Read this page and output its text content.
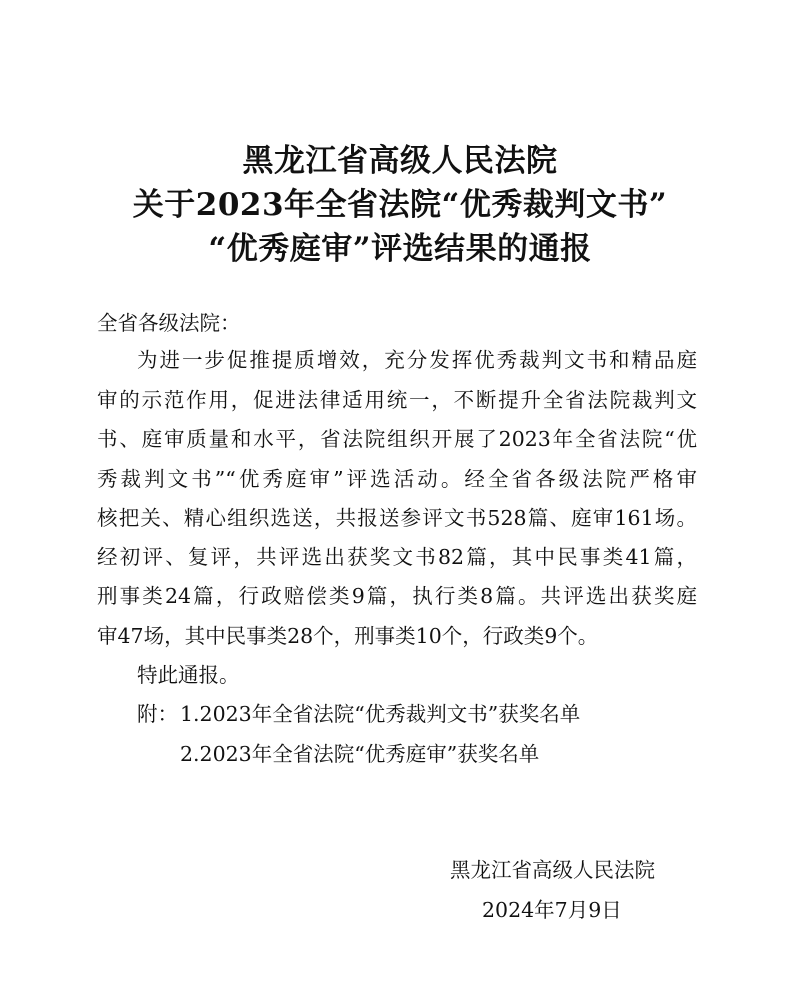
黑龙江省高级人民法院
关于2023年全省法院“优秀裁判文书”
“优秀庭审”评选结果的通报
全省各级法院：
为进一步促推提质增效，充分发挥优秀裁判文书和精品庭
审的示范作用，促进法律适用统一，不断提升全省法院裁判文
书、庭审质量和水平，省法院组织开展了2023年全省法院“优
秀裁判文书”“优秀庭审”评选活动。经全省各级法院严格审
核把关、精心组织选送，共报送参评文书528篇、庭审161场。
经初评、复评，共评选出获奖文书82篇，其中民事类41篇，
刑事类24篇，行政赔偿类9篇，执行类8篇。共评选出获奖庭
审47场，其中民事类28个，刑事类10个，行政类9个。
特此通报。
附： 1.2023年全省法院“优秀裁判文书”获奖名单
2.2023年全省法院“优秀庭审”获奖名单
黑龙江省高级人民法院
2024年7月9日
